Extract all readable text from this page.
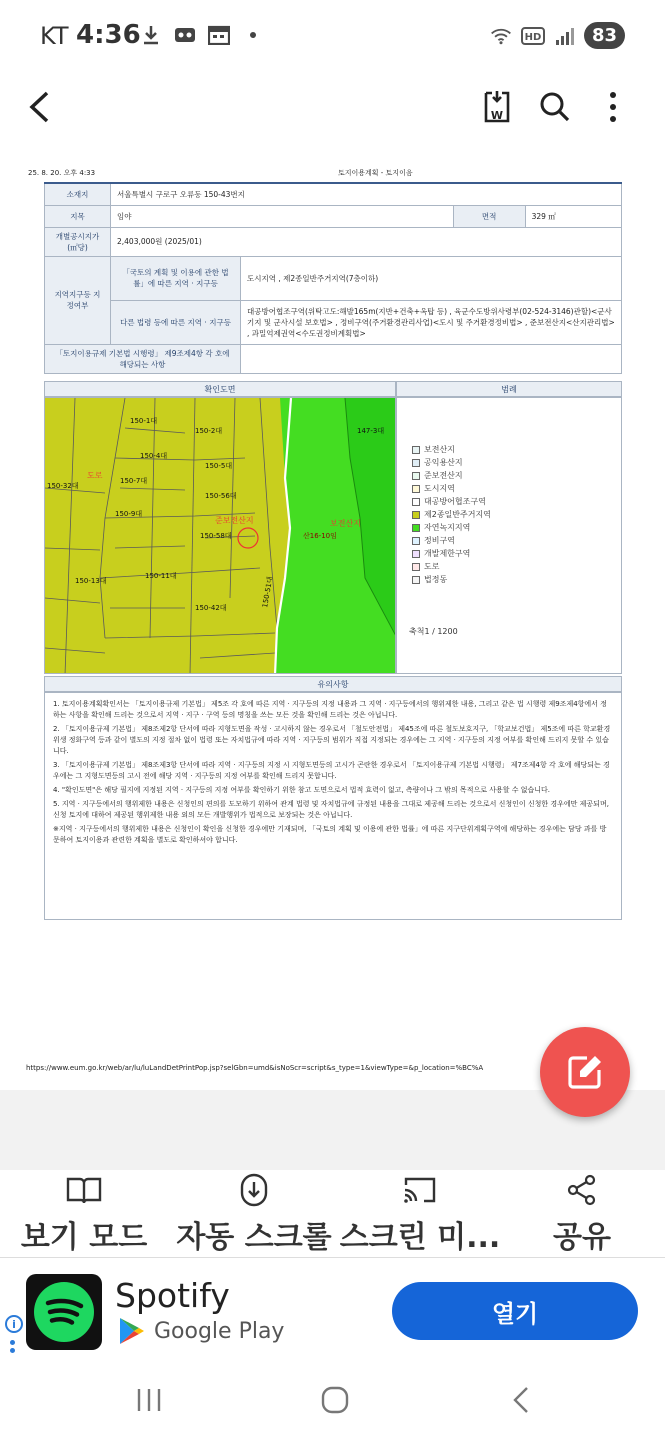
KT 4:36	HD	83
W
25. 8. 20. 오후 4:33	토지이용계획 - 토지이음
소재지	서울특별시 구로구 오류동 150-43번지			
지목	임야		면적	329 ㎡
개별공시지가 (㎡당)	2,403,000원 (2025/01)			
지역지구등 지정여부	「국토의 계획 및 이용에 관한 법률」에 따른 지역 · 지구등	도시지역 , 제2종일반주거지역(7층이하)		
	다른 법령 등에 따른 지역 · 지구등	대공방어협조구역(위탁고도:해발165m(지반+건축+옥탑 등) , 육군수도방위사령부(02-524-3146)관할)<군사기지 및 군사시설 보호법> , 정비구역(주거환경관리사업)<도시 및 주거환경정비법> , 준보전산지<산지관리법> , 과밀억제권역<수도권정비계획법>		
「토지이용규제 기본법 시행령」 제9조제4항 각 호에 해당되는 사항				
확인도면	범례
150-1대
150-4대
150-2대
150-5대
150-7대
150-32대
150-9대
150-56대
150-58대
150-13대
150-11대
150-42대	150-51대
147-3대
산16-10임
보전산지
준보전산지
도로
보전산지
공익용산지
준보전산지
도시지역
대공방어협조구역
제2종일반주거지역
자연녹지지역
정비구역
개발제한구역
도로
법정동
축척1 / 1200
유의사항

1. 토지이용계획확인서는 「토지이용규제 기본법」 제5조 각 호에 따른 지역 · 지구등의 지정 내용과 그 지역 · 지구등에서의 행위제한 내용, 그리고 같은 법 시행령 제9조제4항에서 정하는 사항을 확인해 드리는 것으로서 지역 · 지구 · 구역 등의 명칭을 쓰는 모든 것을 확인해 드리는 것은 아닙니다.

2. 「토지이용규제 기본법」 제8조제2항 단서에 따라 지형도면을 작성 · 고시하지 않는 경우로서 「철도안전법」 제45조에 따른 철도보호지구, 「학교보건법」 제5조에 따른 학교환경위생 정화구역 등과 같이 별도의 지정 절차 없이 법령 또는 자치법규에 따라 지역 · 지구등의 범위가 직접 지정되는 경우에는 그 지역 · 지구등의 지정 여부를 확인해 드리지 못할 수 있습니다.

3. 「토지이용규제 기본법」 제8조제3항 단서에 따라 지역 · 지구등의 지정 시 지형도면등의 고시가 곤란한 경우로서 「토지이용규제 기본법 시행령」 제7조제4항 각 호에 해당되는 경우에는 그 지형도면등의 고시 전에 해당 지역 · 지구등의 지정 여부를 확인해 드리지 못합니다.

4. "확인도면"은 해당 필지에 지정된 지역 · 지구등의 지정 여부를 확인하기 위한 참고 도면으로서 법적 효력이 없고, 측량이나 그 밖의 목적으로 사용할 수 없습니다.

5. 지역 · 지구등에서의 행위제한 내용은 신청인의 편의를 도모하기 위하여 관계 법령 및 자치법규에 규정된 내용을 그대로 제공해 드리는 것으로서 신청인이 신청한 경우에만 제공되며, 신청 토지에 대하여 제공된 행위제한 내용 외의 모든 개발행위가 법적으로 보장되는 것은 아닙니다.

※지역 · 지구등에서의 행위제한 내용은 신청인이 확인을 신청한 경우에만 기재되며, 「국토의 계획 및 이용에 관한 법률」에 따른 지구단위계획구역에 해당하는 경우에는 담당 과를 방문하여 토지이용과 관련한 계획을 별도로 확인하셔야 합니다.

https://www.eum.go.kr/web/ar/lu/luLandDetPrintPop.jsp?selGbn=umd&isNoScr=script&s_type=1&viewType=&p_location=%BC%A
보기 모드 자동 스크롤 스크린 미... 공유
i
Spotify
Google Play
열기
